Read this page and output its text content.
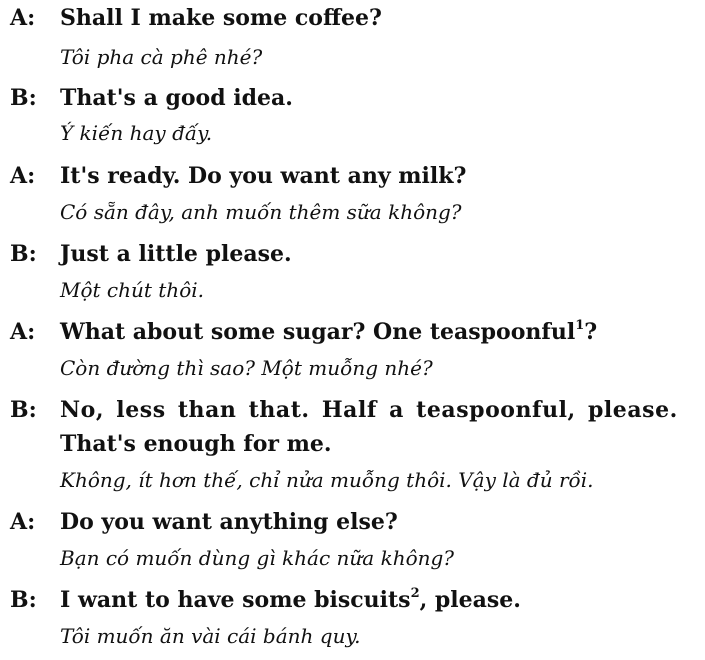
A: Shall I make some coffee?
Tôi pha cà phê nhé?
B: That's a good idea.
Ý kiến hay đấy.
A: It's ready. Do you want any milk?
Có sẵn đây, anh muốn thêm sữa không?
B: Just a little please.
Một chút thôi.
A: What about some sugar? One teaspoonful$^1$?
Còn đường thì sao? Một muỗng nhé?
B: No, less than that. Half a teaspoonful, please.
That's enough for me.
Không, ít hơn thế, chỉ nửa muỗng thôi. Vậy là đủ rồi.
A: Do you want anything else?
Bạn có muốn dùng gì khác nữa không?
B: I want to have some biscuits$^2$, please.
Tôi muốn ăn vài cái bánh quy.
